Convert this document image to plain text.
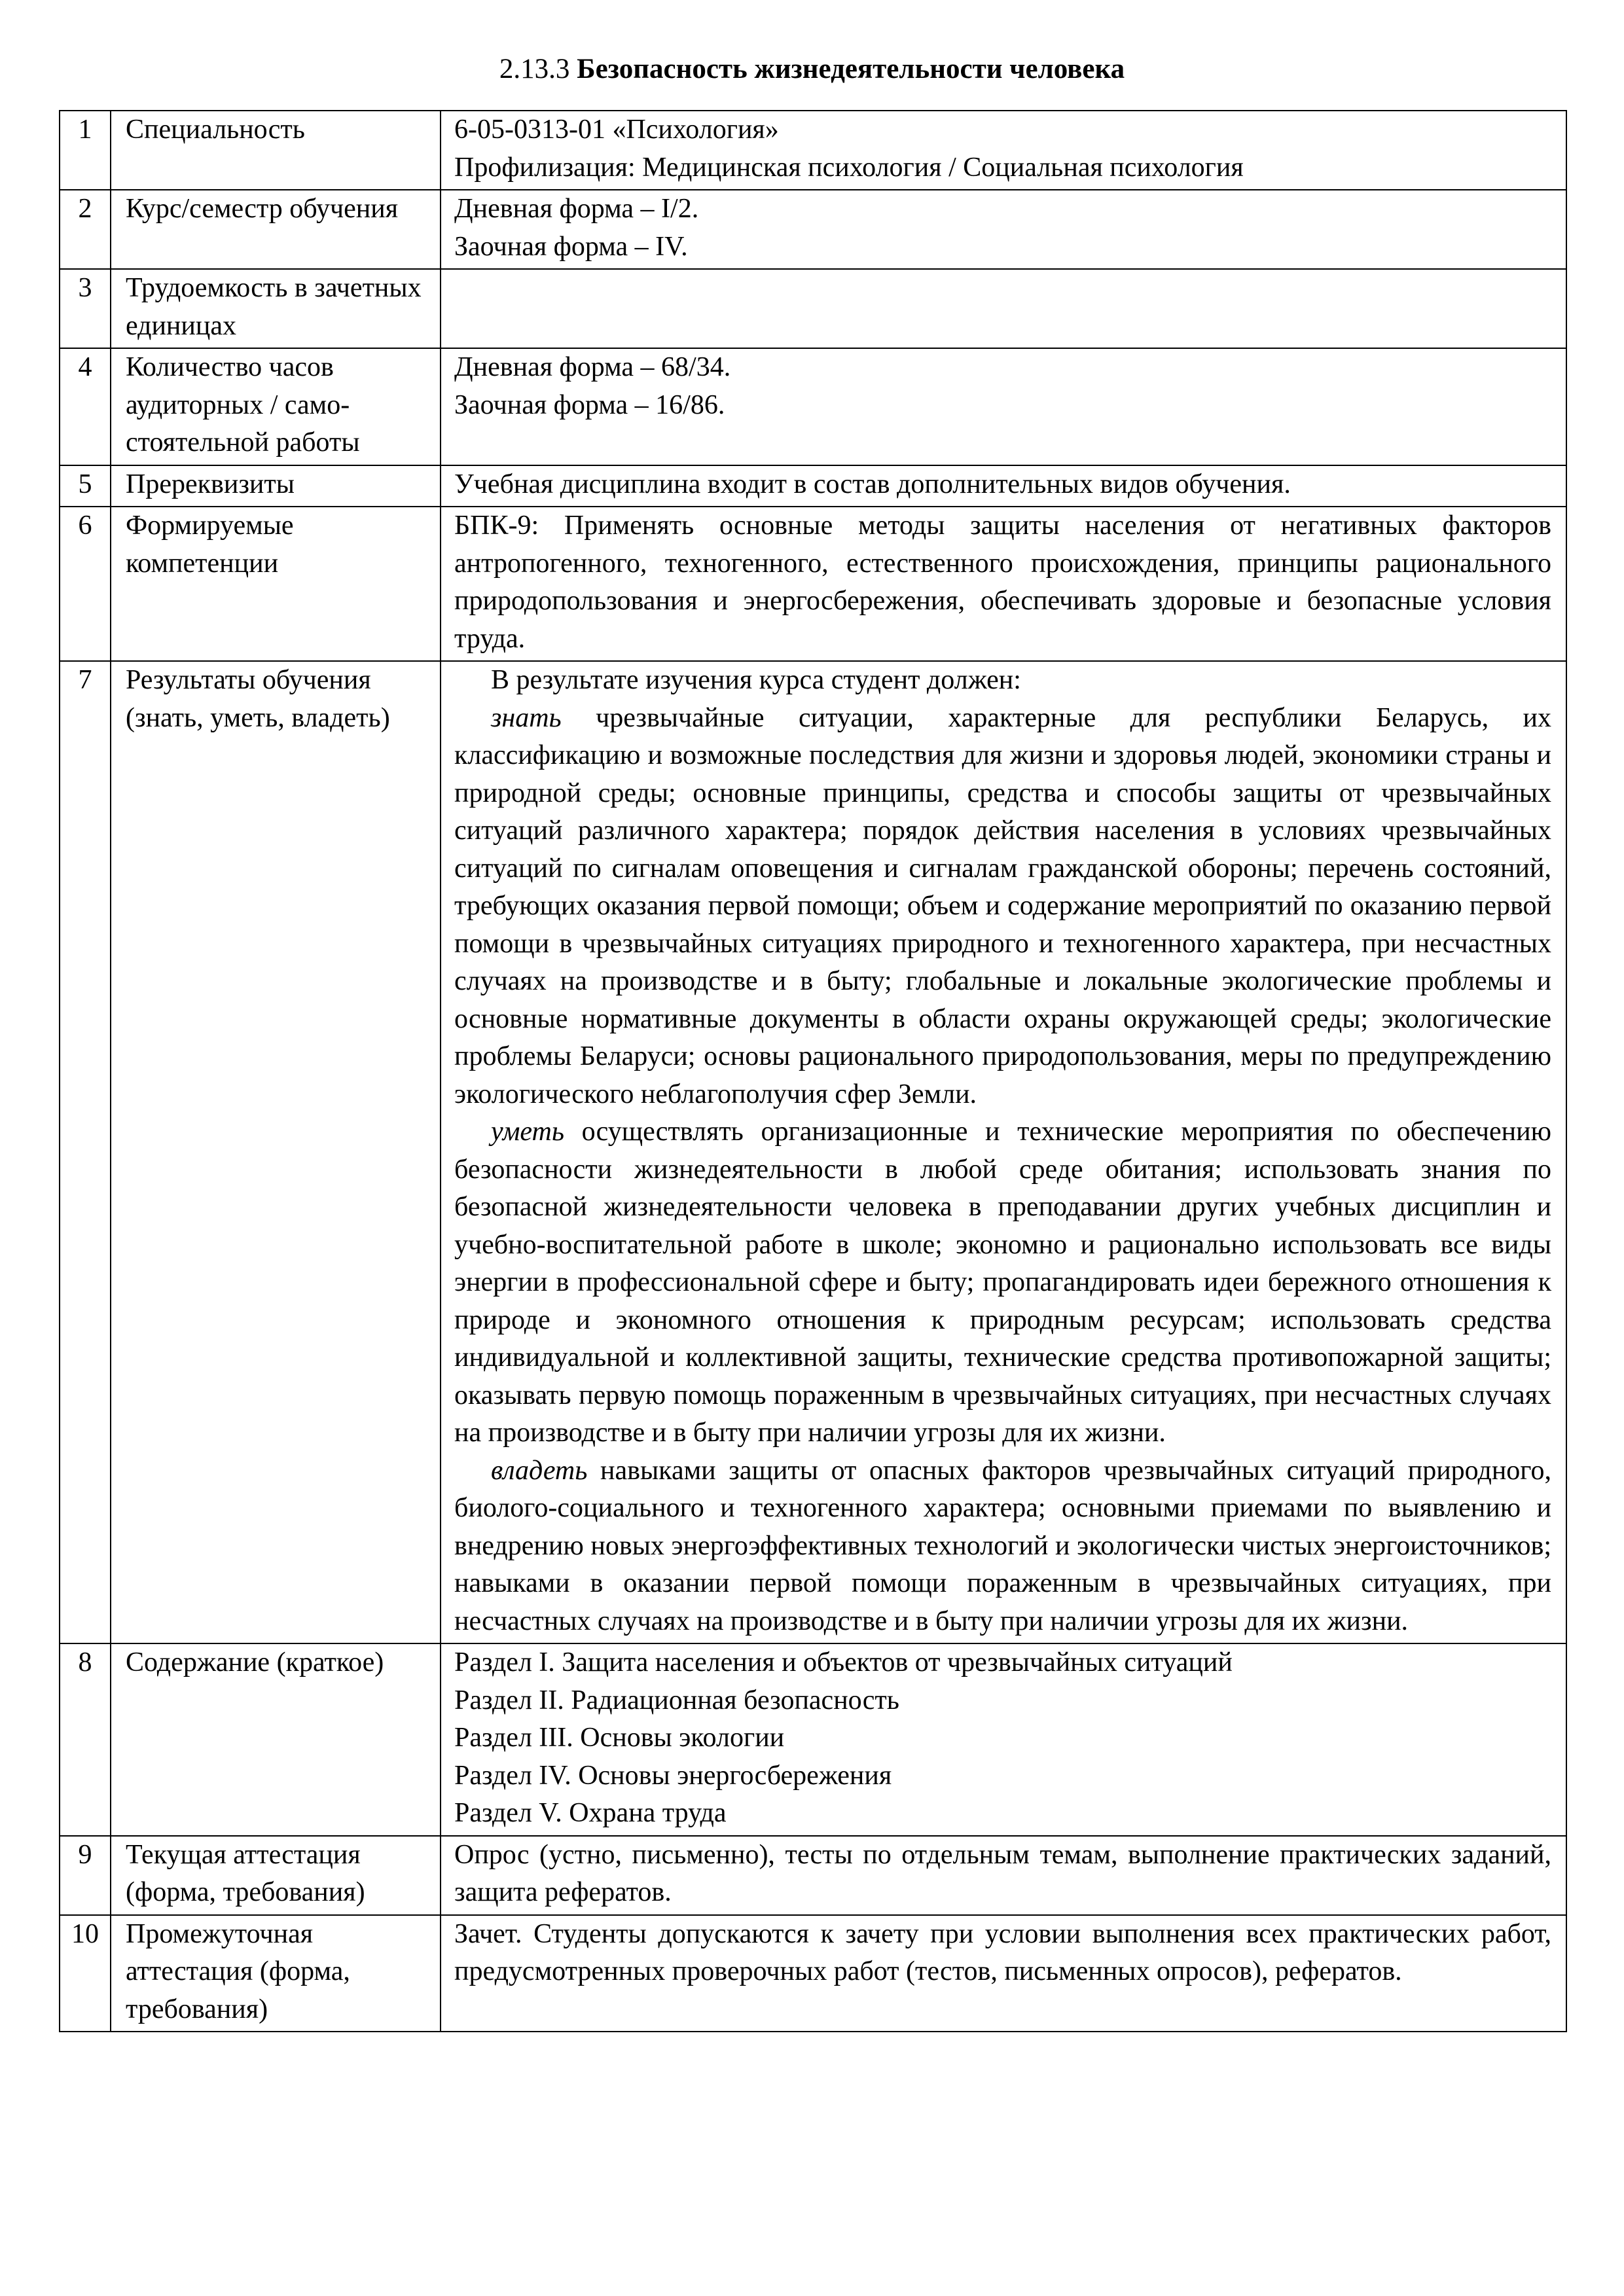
2.13.3 Безопасность жизнедеятельности человека
1	Специальность	6-05-0313-01 «Психология»
Профилизация: Медицинская психология / Социальная психология

2	Курс/семестр обучения	Дневная форма – I/2.
Заочная форма – IV.

3	Трудоемкость в зачетных единицах	
4	Количество часов аудиторных / само-стоятельной работы	Дневная форма – 68/34.
Заочная форма – 16/86.

5	Пререквизиты	Учебная дисциплина входит в состав дополнительных видов обучения.
6	Формируемые компетенции	БПК-9: Применять основные методы защиты населения от негативных факторов антропогенного, техногенного, естественного происхождения, принципы рационального природопользования и энергосбережения, обеспечивать здоровые и безопасные условия труда.
7	Результаты обучения (знать, уметь, владеть)	В результате изучения курса студент должен:
знать чрезвычайные ситуации, характерные для республики Беларусь, их классификацию и возможные последствия для жизни и здоровья людей, экономики страны и природной среды; основные принципы, средства и способы защиты от чрезвычайных ситуаций различного характера; порядок действия населения в условиях чрезвычайных ситуаций по сигналам оповещения и сигналам гражданской обороны; перечень состояний, требующих оказания первой помощи; объем и содержание мероприятий по оказанию первой помощи в чрезвычайных ситуациях природного и техногенного характера, при несчастных случаях на производстве и в быту; глобальные и локальные экологические проблемы и основные нормативные документы в области охраны окружающей среды; экологические проблемы Беларуси; основы рационального природопользования, меры по предупреждению экологического неблагополучия сфер Земли.
уметь осуществлять организационные и технические мероприятия по обеспечению безопасности жизнедеятельности в любой среде обитания; использовать знания по безопасной жизнедеятельности человека в преподавании других учебных дисциплин и учебно-воспитательной работе в школе; экономно и рационально использовать все виды энергии в профессиональной сфере и быту; пропагандировать идеи бережного отношения к природе и экономного отношения к природным ресурсам; использовать средства индивидуальной и коллективной защиты, технические средства противопожарной защиты; оказывать первую помощь пораженным в чрезвычайных ситуациях, при несчастных случаях на производстве и в быту при наличии угрозы для их жизни.
владеть навыками защиты от опасных факторов чрезвычайных ситуаций природного, биолого-социального и техногенного характера; основными приемами по выявлению и внедрению новых энергоэффективных технологий и экологически чистых энергоисточников; навыками в оказании первой помощи пораженным в чрезвычайных ситуациях, при несчастных случаях на производстве и в быту при наличии угрозы для их жизни.

8	Содержание (краткое)	Раздел I. Защита населения и объектов от чрезвычайных ситуаций
Раздел II. Радиационная безопасность
Раздел III. Основы экологии
Раздел IV. Основы энергосбережения
Раздел V. Охрана труда

9	Текущая аттестация (форма, требования)	Опрос (устно, письменно), тесты по отдельным темам, выполнение практических заданий, защита рефератов.
10	Промежуточная аттестация (форма, требования)	Зачет. Студенты допускаются к зачету при условии выполнения всех практических работ, предусмотренных проверочных работ (тестов, письменных опросов), рефератов.
